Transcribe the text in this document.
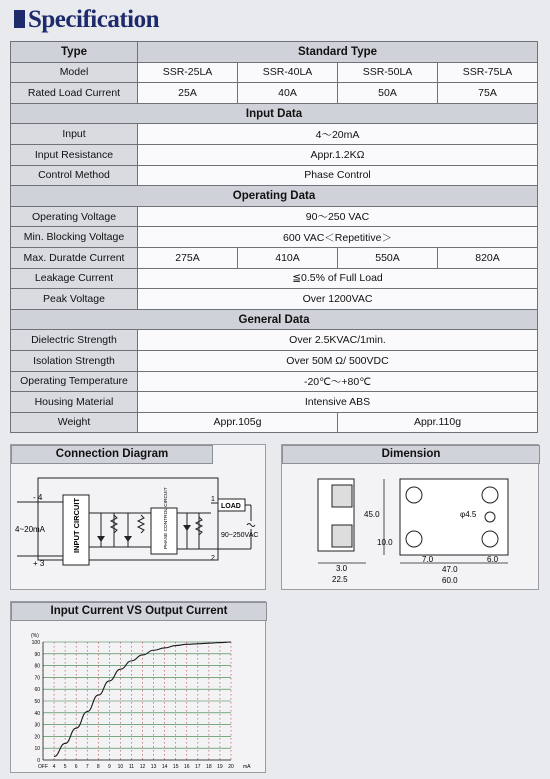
Specification
Type	Standard Type			
Model	SSR-25LA	SSR-40LA	SSR-50LA	SSR-75LA
Rated Load Current	25A	40A	50A	75A
Input Data				
Input	4～20mA			
Input Resistance	Appr.1.2KΩ			
Control Method	Phase Control			
Operating Data				
Operating Voltage	90～250 VAC			
Min. Blocking Voltage	600 VAC＜Repetitive＞			
Max. Duratde Current	275A	410A	550A	820A
Leakage Current	≦0.5% of Full Load			
Peak Voltage	Over 1200VAC			
General Data				
Dielectric Strength	Over 2.5KVAC/1min.			
Isolation Strength	Over 50M Ω/ 500VDC			
Operating Temperature	-20℃～+80℃			
Housing Material	Intensive ABS			
Weight	Appr.105g		Appr.110g	
Connection Diagram
- 4
4~20mA
+ 3
INPUT CIRCUIT	PHASE CONTROL CIRCUIT	1
2
LOAD
90~250VAC
Dimension
45.0
10.0
φ4.5
3.0
22.5
7.0	6.0
47.0
60.0
Input Current VS Output Current
0
10
20
30
40
50
60
70
80
90
100
(%)
OFF 4 5 6 7 8 9 10 11 12 13 14 15 16 17 18 19 20 mA
